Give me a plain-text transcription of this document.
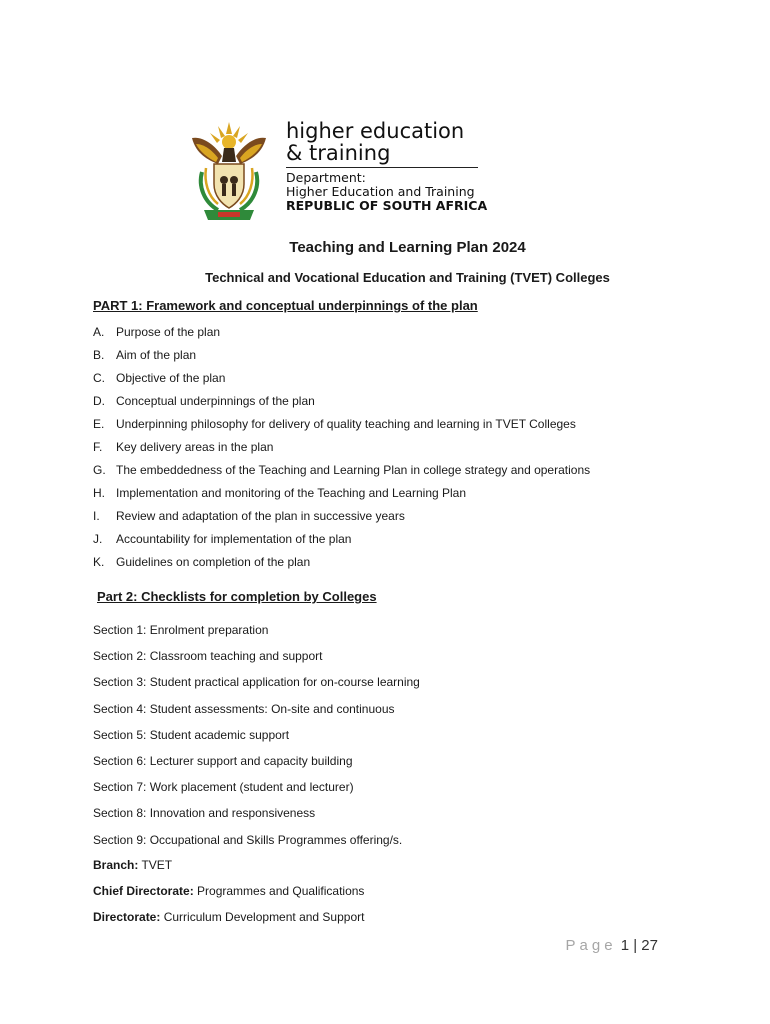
higher education
& training
Department:
Higher Education and Training
REPUBLIC OF SOUTH AFRICA
Teaching and Learning Plan 2024
Technical and Vocational Education and Training (TVET) Colleges
PART 1: Framework and conceptual underpinnings of the plan
A. Purpose of the plan
B. Aim of the plan
C. Objective of the plan
D. Conceptual underpinnings of the plan
E. Underpinning philosophy for delivery of quality teaching and learning in TVET Colleges
F. Key delivery areas in the plan
G. The embeddedness of the Teaching and Learning Plan in college strategy and operations
H. Implementation and monitoring of the Teaching and Learning Plan
I. Review and adaptation of the plan in successive years
J. Accountability for implementation of the plan
K. Guidelines on completion of the plan
Part 2: Checklists for completion by Colleges
Section 1: Enrolment preparation
Section 2: Classroom teaching and support
Section 3: Student practical application for on-course learning
Section 4: Student assessments: On-site and continuous
Section 5: Student academic support
Section 6: Lecturer support and capacity building
Section 7: Work placement (student and lecturer)
Section 8: Innovation and responsiveness
Section 9: Occupational and Skills Programmes offering/s.
Branch: TVET
Chief Directorate: Programmes and Qualifications
Directorate: Curriculum Development and Support
Page 1 | 27
